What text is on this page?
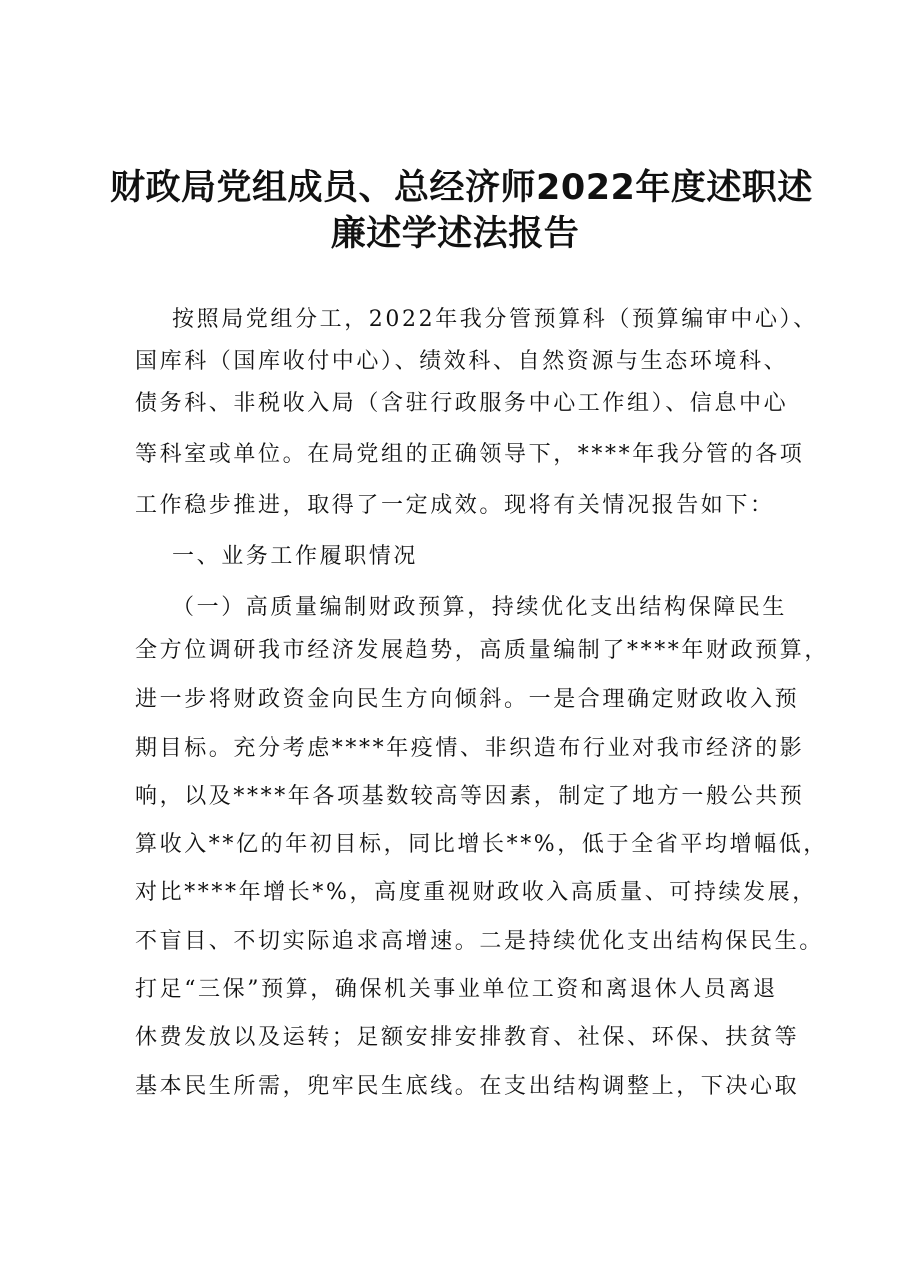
财政局党组成员、总经济师2022年度述职述
廉述学述法报告
按照局党组分工，2022年我分管预算科（预算编审中心）、
国库科（国库收付中心）、绩效科、自然资源与生态环境科、
债务科、非税收入局（含驻行政服务中心工作组）、信息中心
等科室或单位。在局党组的正确领导下，****年我分管的各项
工作稳步推进，取得了一定成效。现将有关情况报告如下：
一、业务工作履职情况
（一）高质量编制财政预算，持续优化支出结构保障民生
全方位调研我市经济发展趋势，高质量编制了****年财政预算，
进一步将财政资金向民生方向倾斜。一是合理确定财政收入预
期目标。充分考虑****年疫情、非织造布行业对我市经济的影
响，以及****年各项基数较高等因素，制定了地方一般公共预
算收入**亿的年初目标，同比增长**%，低于全省平均增幅低，
对比****年增长*%，高度重视财政收入高质量、可持续发展，
不盲目、不切实际追求高增速。二是持续优化支出结构保民生。
打足“三保”预算，确保机关事业单位工资和离退休人员离退
休费发放以及运转；足额安排安排教育、社保、环保、扶贫等
基本民生所需，兜牢民生底线。在支出结构调整上，下决心取
